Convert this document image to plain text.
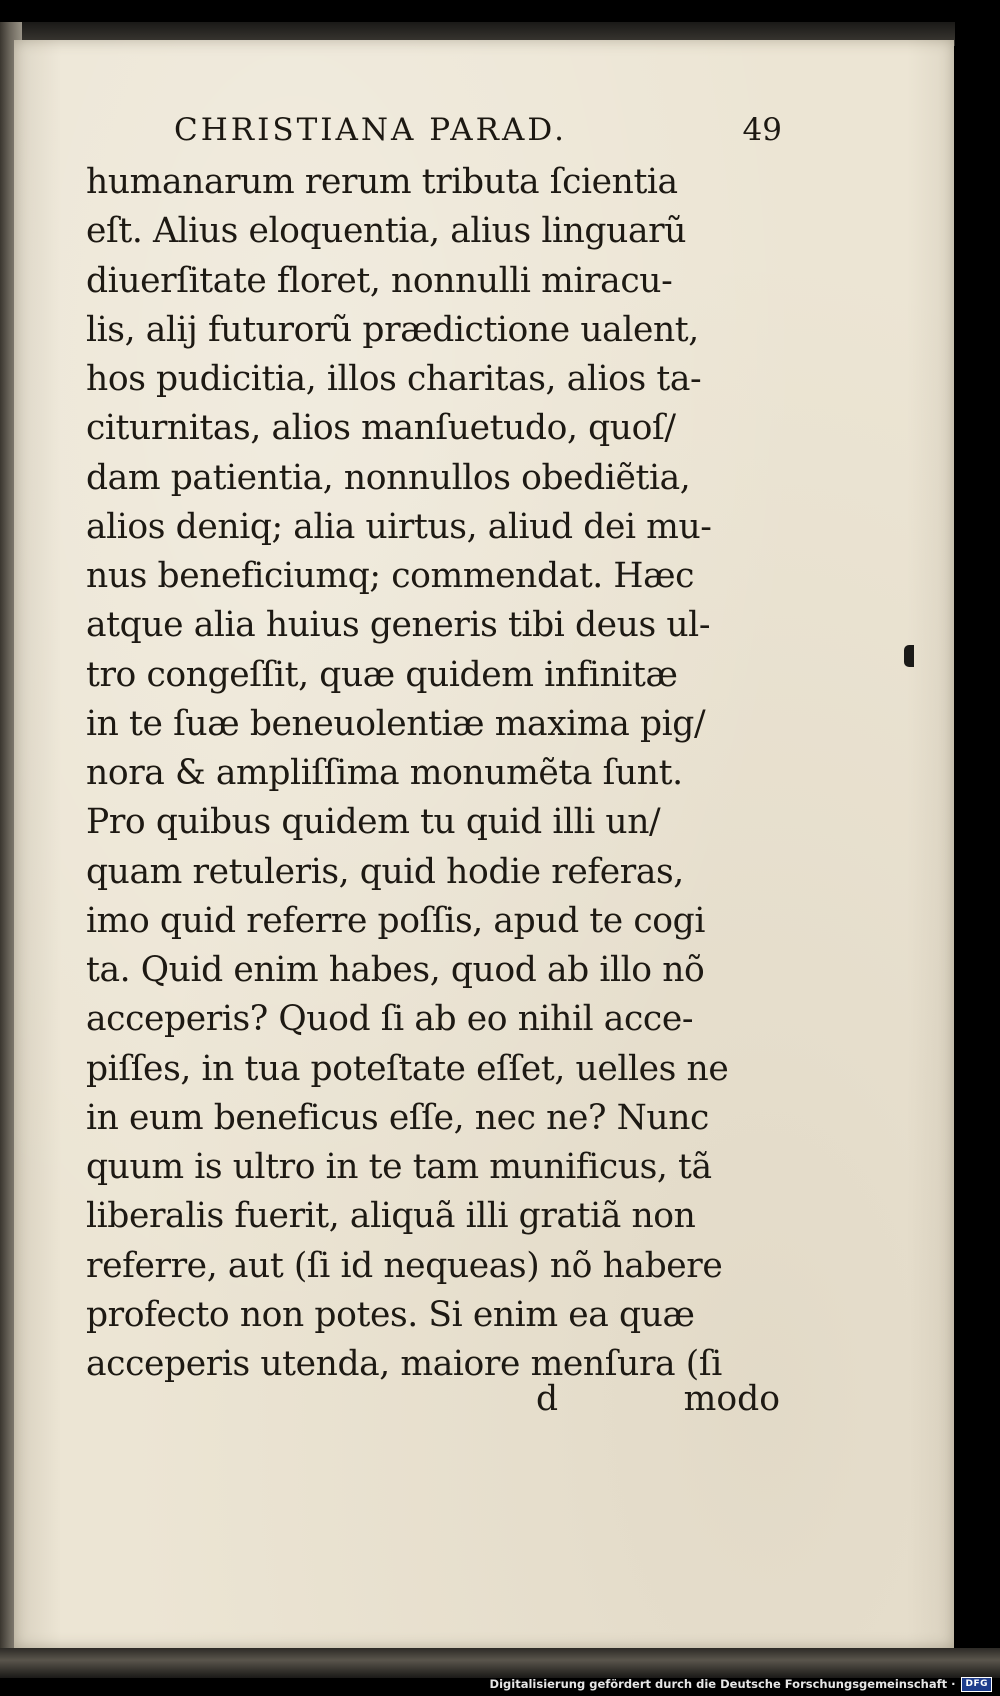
CHRISTIANA PARAD.	49
humanarum rerum tributa ſcientia
eſt. Alius eloquentia, alius linguarũ
diuerſitate floret, nonnulli miracu-
lis, alij futurorũ prædictione ualent,
hos pudicitia, illos charitas, alios ta-
citurnitas, alios manſuetudo, quoſ/
dam patientia, nonnullos obediẽtia,
alios deniq; alia uirtus, aliud dei mu-
nus beneficiumq; commendat. Hæc
atque alia huius generis tibi deus ul-
tro congeſſit, quæ quidem infinitæ
in te ſuæ beneuolentiæ maxima pig/
nora & ampliſſima monumẽta ſunt.
Pro quibus quidem tu quid illi un/
quam retuleris, quid hodie referas,
imo quid referre poſſis, apud te cogi
ta. Quid enim habes, quod ab illo nõ
acceperis? Quod ſi ab eo nihil acce-
piſſes, in tua poteſtate eſſet, uelles ne
in eum beneficus eſſe, nec ne? Nunc
quum is ultro in te tam munificus, tã
liberalis fuerit, aliquã illi gratiã non
referre, aut (ſi id nequeas) nõ habere
profecto non potes. Si enim ea quæ
acceperis utenda, maiore menſura (ſi
d	modo
Digitalisierung gefördert durch die Deutsche Forschungsgemeinschaft ·	DFG
